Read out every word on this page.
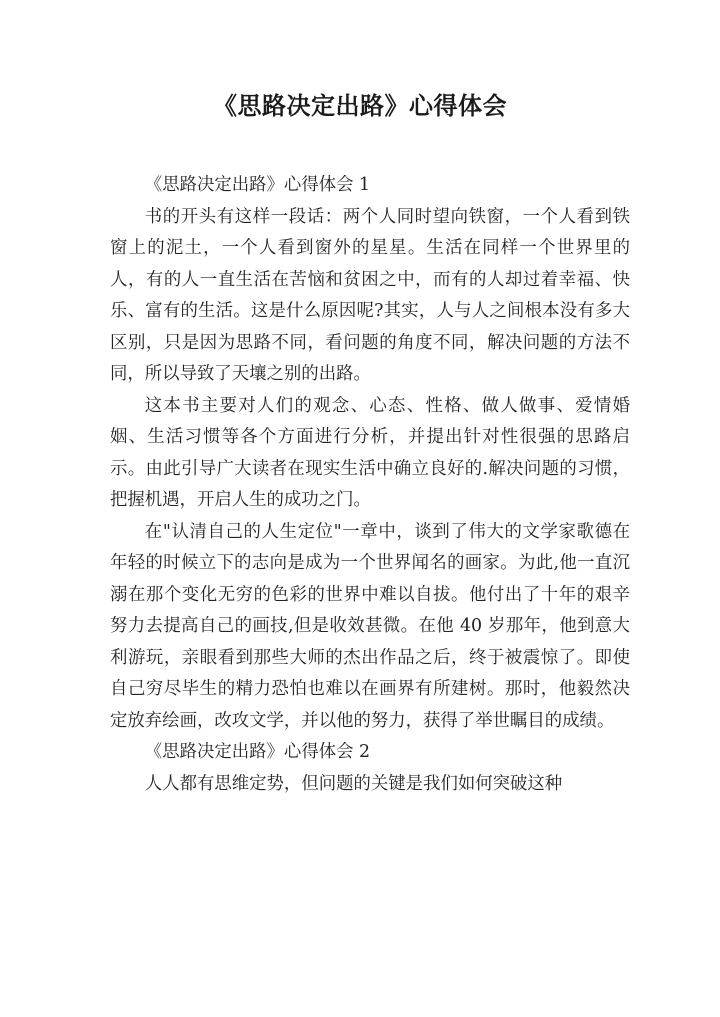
《思路决定出路》心得体会

《思路决定出路》心得体会 1

书的开头有这样一段话：两个人同时望向铁窗，一个人看到铁窗上的泥土，一个人看到窗外的星星。生活在同样一个世界里的人，有的人一直生活在苦恼和贫困之中，而有的人却过着幸福、快乐、富有的生活。这是什么原因呢?其实，人与人之间根本没有多大区别，只是因为思路不同，看问题的角度不同，解决问题的方法不同，所以导致了天壤之别的出路。

这本书主要对人们的观念、心态、性格、做人做事、爱情婚姻、生活习惯等各个方面进行分析，并提出针对性很强的思路启示。由此引导广大读者在现实生活中确立良好的.解决问题的习惯，把握机遇，开启人生的成功之门。

在"认清自己的人生定位"一章中，谈到了伟大的文学家歌德在年轻的时候立下的志向是成为一个世界闻名的画家。为此,他一直沉溺在那个变化无穷的色彩的世界中难以自拔。他付出了十年的艰辛努力去提高自己的画技,但是收效甚微。在他 40 岁那年，他到意大利游玩，亲眼看到那些大师的杰出作品之后，终于被震惊了。即使自己穷尽毕生的精力恐怕也难以在画界有所建树。那时，他毅然决定放弃绘画，改攻文学，并以他的努力，获得了举世瞩目的成绩。

《思路决定出路》心得体会 2

人人都有思维定势，但问题的关键是我们如何突破这种
